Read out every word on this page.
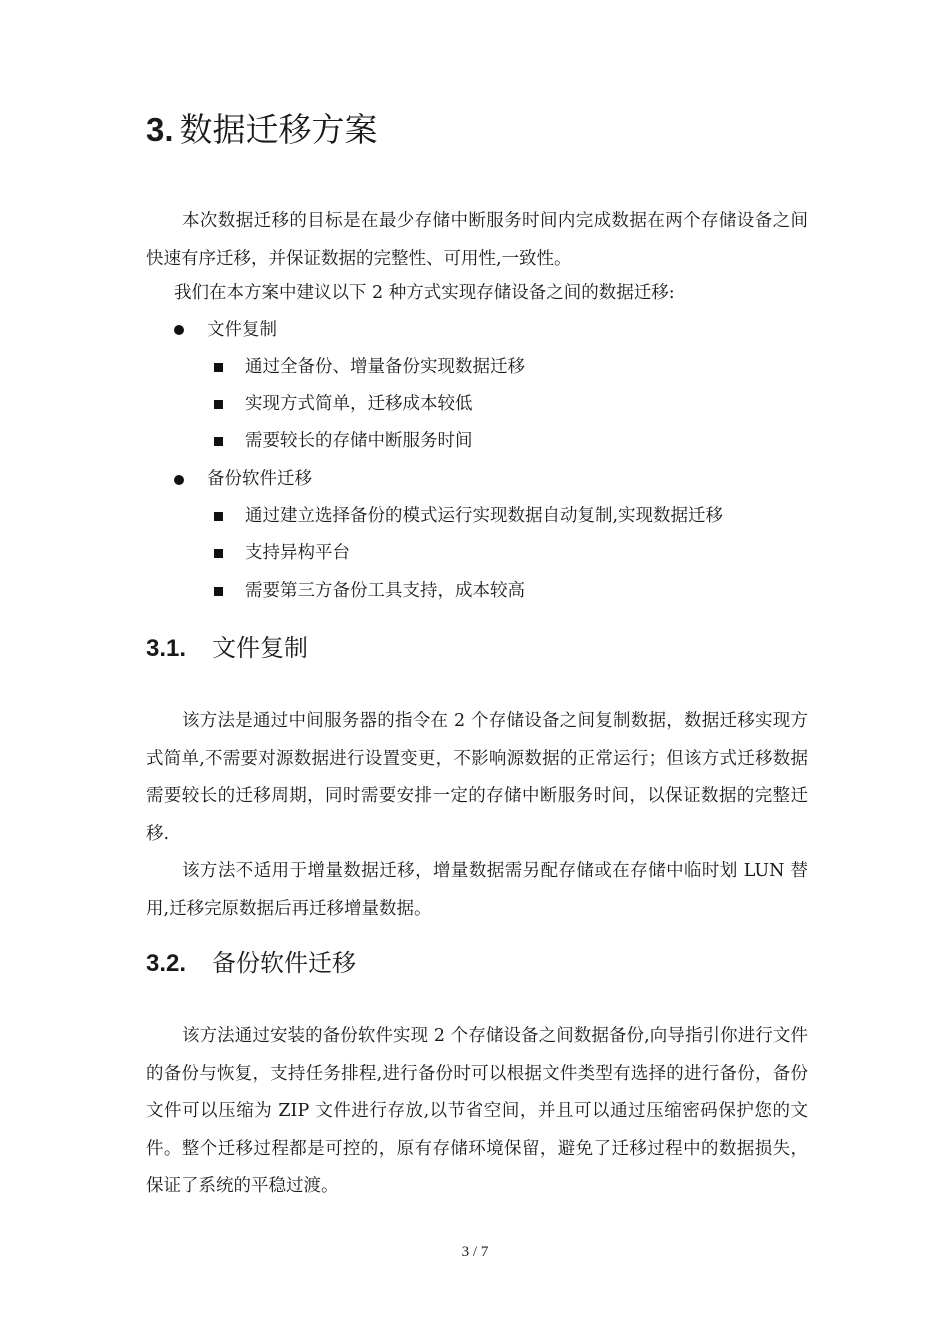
3. 数据迁移方案

本次数据迁移的目标是在最少存储中断服务时间内完成数据在两个存储设备之间快速有序迁移，并保证数据的完整性、可用性,一致性。

我们在本方案中建议以下 2 种方式实现存储设备之间的数据迁移:

文件复制

通过全备份、增量备份实现数据迁移

实现方式简单，迁移成本较低

需要较长的存储中断服务时间

备份软件迁移

通过建立选择备份的模式运行实现数据自动复制,实现数据迁移

支持异构平台

需要第三方备份工具支持，成本较高

3.1. 文件复制

该方法是通过中间服务器的指令在 2 个存储设备之间复制数据，数据迁移实现方式简单,不需要对源数据进行设置变更，不影响源数据的正常运行；但该方式迁移数据需要较长的迁移周期，同时需要安排一定的存储中断服务时间，以保证数据的完整迁移.

该方法不适用于增量数据迁移，增量数据需另配存储或在存储中临时划 LUN 替用,迁移完原数据后再迁移增量数据。

3.2. 备份软件迁移

该方法通过安装的备份软件实现 2 个存储设备之间数据备份,向导指引你进行文件的备份与恢复，支持任务排程,进行备份时可以根据文件类型有选择的进行备份，备份文件可以压缩为 ZIP 文件进行存放,以节省空间，并且可以通过压缩密码保护您的文件。整个迁移过程都是可控的，原有存储环境保留，避免了迁移过程中的数据损失，保证了系统的平稳过渡。

3 / 7
